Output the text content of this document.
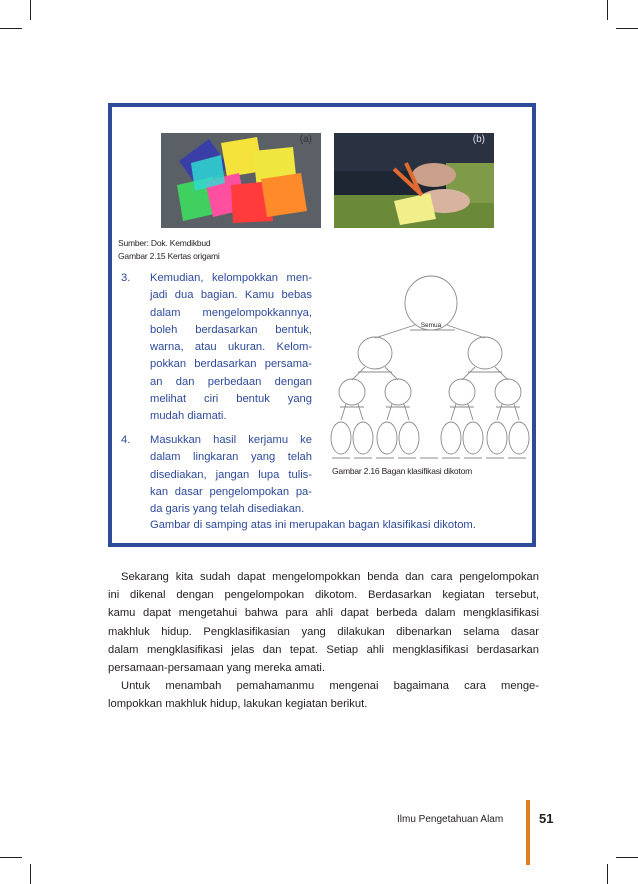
(a)	(b)
Sumber: Dok. Kemdikbud
Gambar 2.15 Kertas origami
3. Kemudian, kelompokkan men-
jadi dua bagian. Kamu bebas
dalam mengelompokkannya,
boleh berdasarkan bentuk,
warna, atau ukuran. Kelom-
pokkan berdasarkan persama-
an dan perbedaan dengan
melihat ciri bentuk yang
mudah diamati.
4. Masukkan hasil kerjamu ke
dalam lingkaran yang telah
disediakan, jangan lupa tulis-
kan dasar pengelompokan pa-
da garis yang telah disediakan.
Gambar di samping atas ini merupakan bagan klasifikasi dikotom.
Semua
Gambar 2.16 Bagan klasifikasi dikotom
Sekarang kita sudah dapat mengelompokkan benda dan cara pengelompokan
ini dikenal dengan pengelompokan dikotom. Berdasarkan kegiatan tersebut,
kamu dapat mengetahui bahwa para ahli dapat berbeda dalam mengklasifikasi
makhluk hidup. Pengklasifikasian yang dilakukan dibenarkan selama dasar
dalam mengklasifikasi jelas dan tepat. Setiap ahli mengklasifikasi berdasarkan
persamaan-persamaan yang mereka amati.
Untuk menambah pemahamanmu mengenai bagaimana cara menge-
lompokkan makhluk hidup, lakukan kegiatan berikut.
Ilmu Pengetahuan Alam	51
